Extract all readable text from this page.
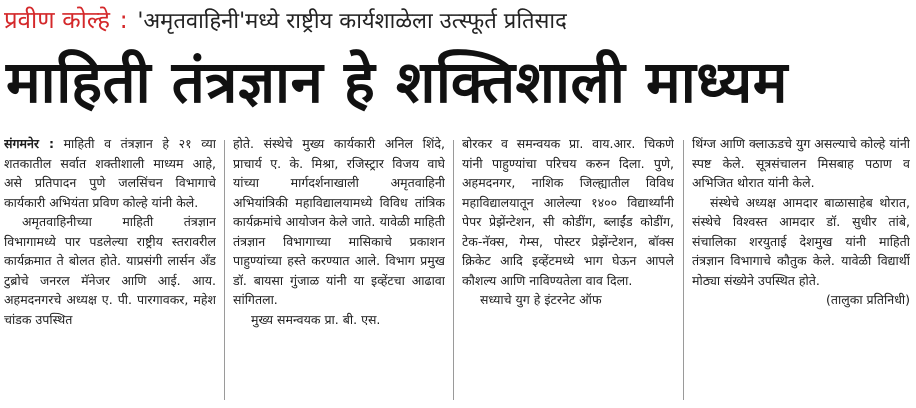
प्रवीण कोल्हे : 'अमृतवाहिनी'मध्ये राष्ट्रीय कार्यशाळेला उत्स्फूर्त प्रतिसाद
माहिती तंत्रज्ञान हे शक्तिशाली माध्यम

संगमनेर : माहिती व तंत्रज्ञान हे २१ व्या शतकातील सर्वात शक्तीशाली माध्यम आहे, असे प्रतिपादन पुणे जलसिंचन विभागाचे कार्यकारी अभियंता प्रविण कोल्हे यांनी केले.

अमृतवाहिनीच्या माहिती तंत्रज्ञान विभागामध्ये पार पडलेल्या राष्ट्रीय स्तरावरील कार्यक्रमात ते बोलत होते. याप्रसंगी लार्सन अँड टुब्रोचे जनरल मॅनेजर आणि आई. आय. अहमदनगरचे अध्यक्ष ए. पी. पारगावकर, महेश चांडक उपस्थित

होते. संस्थेचे मुख्य कार्यकारी अनिल शिंदे, प्राचार्य ए. के. मिश्रा, रजिस्ट्रार विजय वाघे यांच्या मार्गदर्शनाखाली अमृतवाहिनी अभियांत्रिकी महाविद्यालयामध्ये विविध तांत्रिक कार्यक्रमांचे आयोजन केले जाते. यावेळी माहिती तंत्रज्ञान विभागाच्या मासिकाचे प्रकाशन पाहुण्यांच्या हस्ते करण्यात आले. विभाग प्रमुख डॉ. बायसा गुंजाळ यांनी या इव्हेंटचा आढावा सांगितला.

मुख्य समन्वयक प्रा. बी. एस.

बोरकर व समन्वयक प्रा. वाय.आर. चिकणे यांनी पाहुण्यांचा परिचय करुन दिला. पुणे, अहमदनगर, नाशिक जिल्ह्यातील विविध महाविद्यालयातून आलेल्या १४०० विद्यार्थ्यांनी पेपर प्रेझेंन्टेशन, सी कोडींग, ब्लाईंड कोडींग, टेक-नॅक्स, गेम्स, पोस्टर प्रेझेंन्टेशन, बॉक्स क्रिकेट आदि इव्हेंटमध्ये भाग घेऊन आपले कौशल्य आणि नाविण्यतेला वाव दिला.

सध्याचे युग हे इंटरनेट ऑफ

थिंग्ज आणि क्लाऊडचे युग असल्याचे कोल्हे यांनी स्पष्ट केले. सूत्रसंचालन मिसबाह पठाण व अभिजित थोरात यांनी केले.

संस्थेचे अध्यक्ष आमदार बाळासाहेब थोरात, संस्थेचे विश्वस्त आमदार डॉ. सुधीर तांबे, संचालिका शरयुताई देशमुख यांनी माहिती तंत्रज्ञान विभागाचे कौतुक केले. यावेळी विद्यार्थी मोठ्या संख्येने उपस्थित होते.

(तालुका प्रतिनिधी)
